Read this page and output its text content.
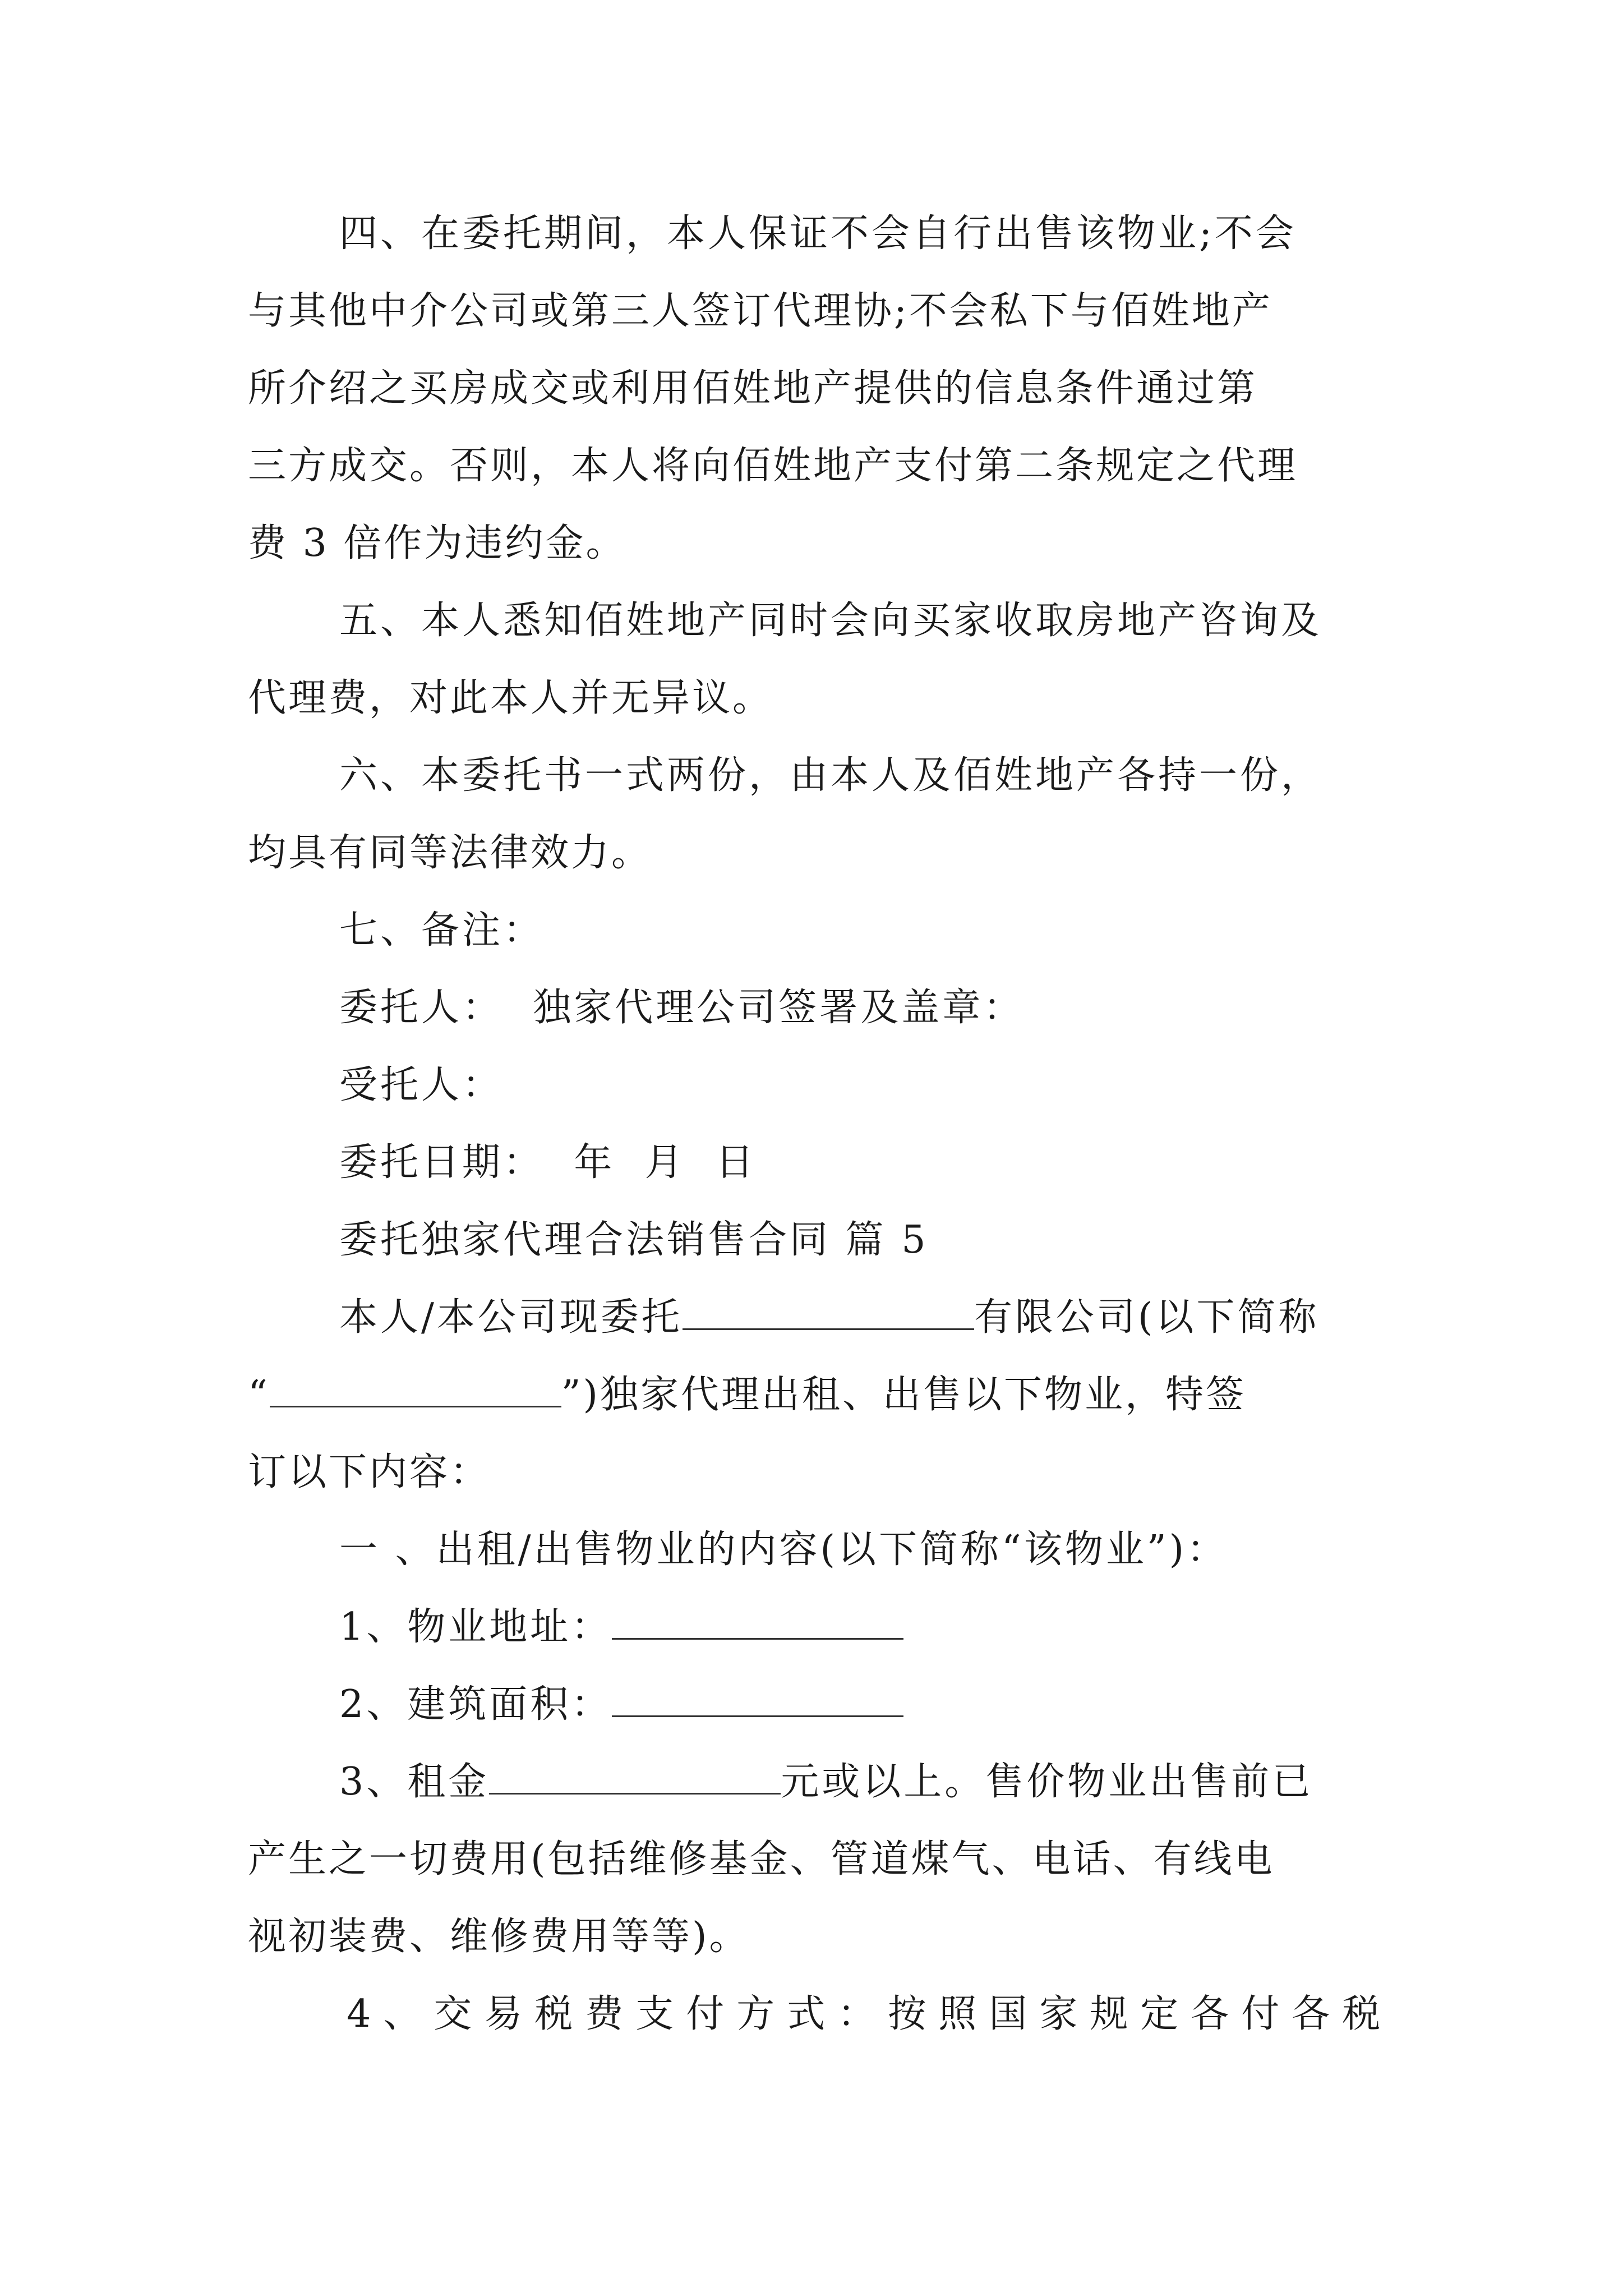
四、在委托期间，本人保证不会自行出售该物业;不会
与其他中介公司或第三人签订代理协;不会私下与佰姓地产
所介绍之买房成交或利用佰姓地产提供的信息条件通过第
三方成交。否则，本人将向佰姓地产支付第二条规定之代理
费 3 倍作为违约金。
五、本人悉知佰姓地产同时会向买家收取房地产咨询及
代理费，对此本人并无异议。
六、本委托书一式两份，由本人及佰姓地产各持一份，
均具有同等法律效力。
七、备注：
委托人：  独家代理公司签署及盖章：
受托人：
委托日期：  年  月  日
委托独家代理合法销售合同 篇 5
本人/本公司现委托	有限公司(以下简称
“	”)独家代理出租、出售以下物业，特签
订以下内容：
一 、出租/出售物业的内容(以下简称“该物业”)：
1、物业地址：
2、建筑面积：
3、租金	元或以上。售价物业出售前已
产生之一切费用(包括维修基金、管道煤气、电话、有线电
视初装费、维修费用等等)。
4、交易税费支付方式：按照国家规定各付各税
